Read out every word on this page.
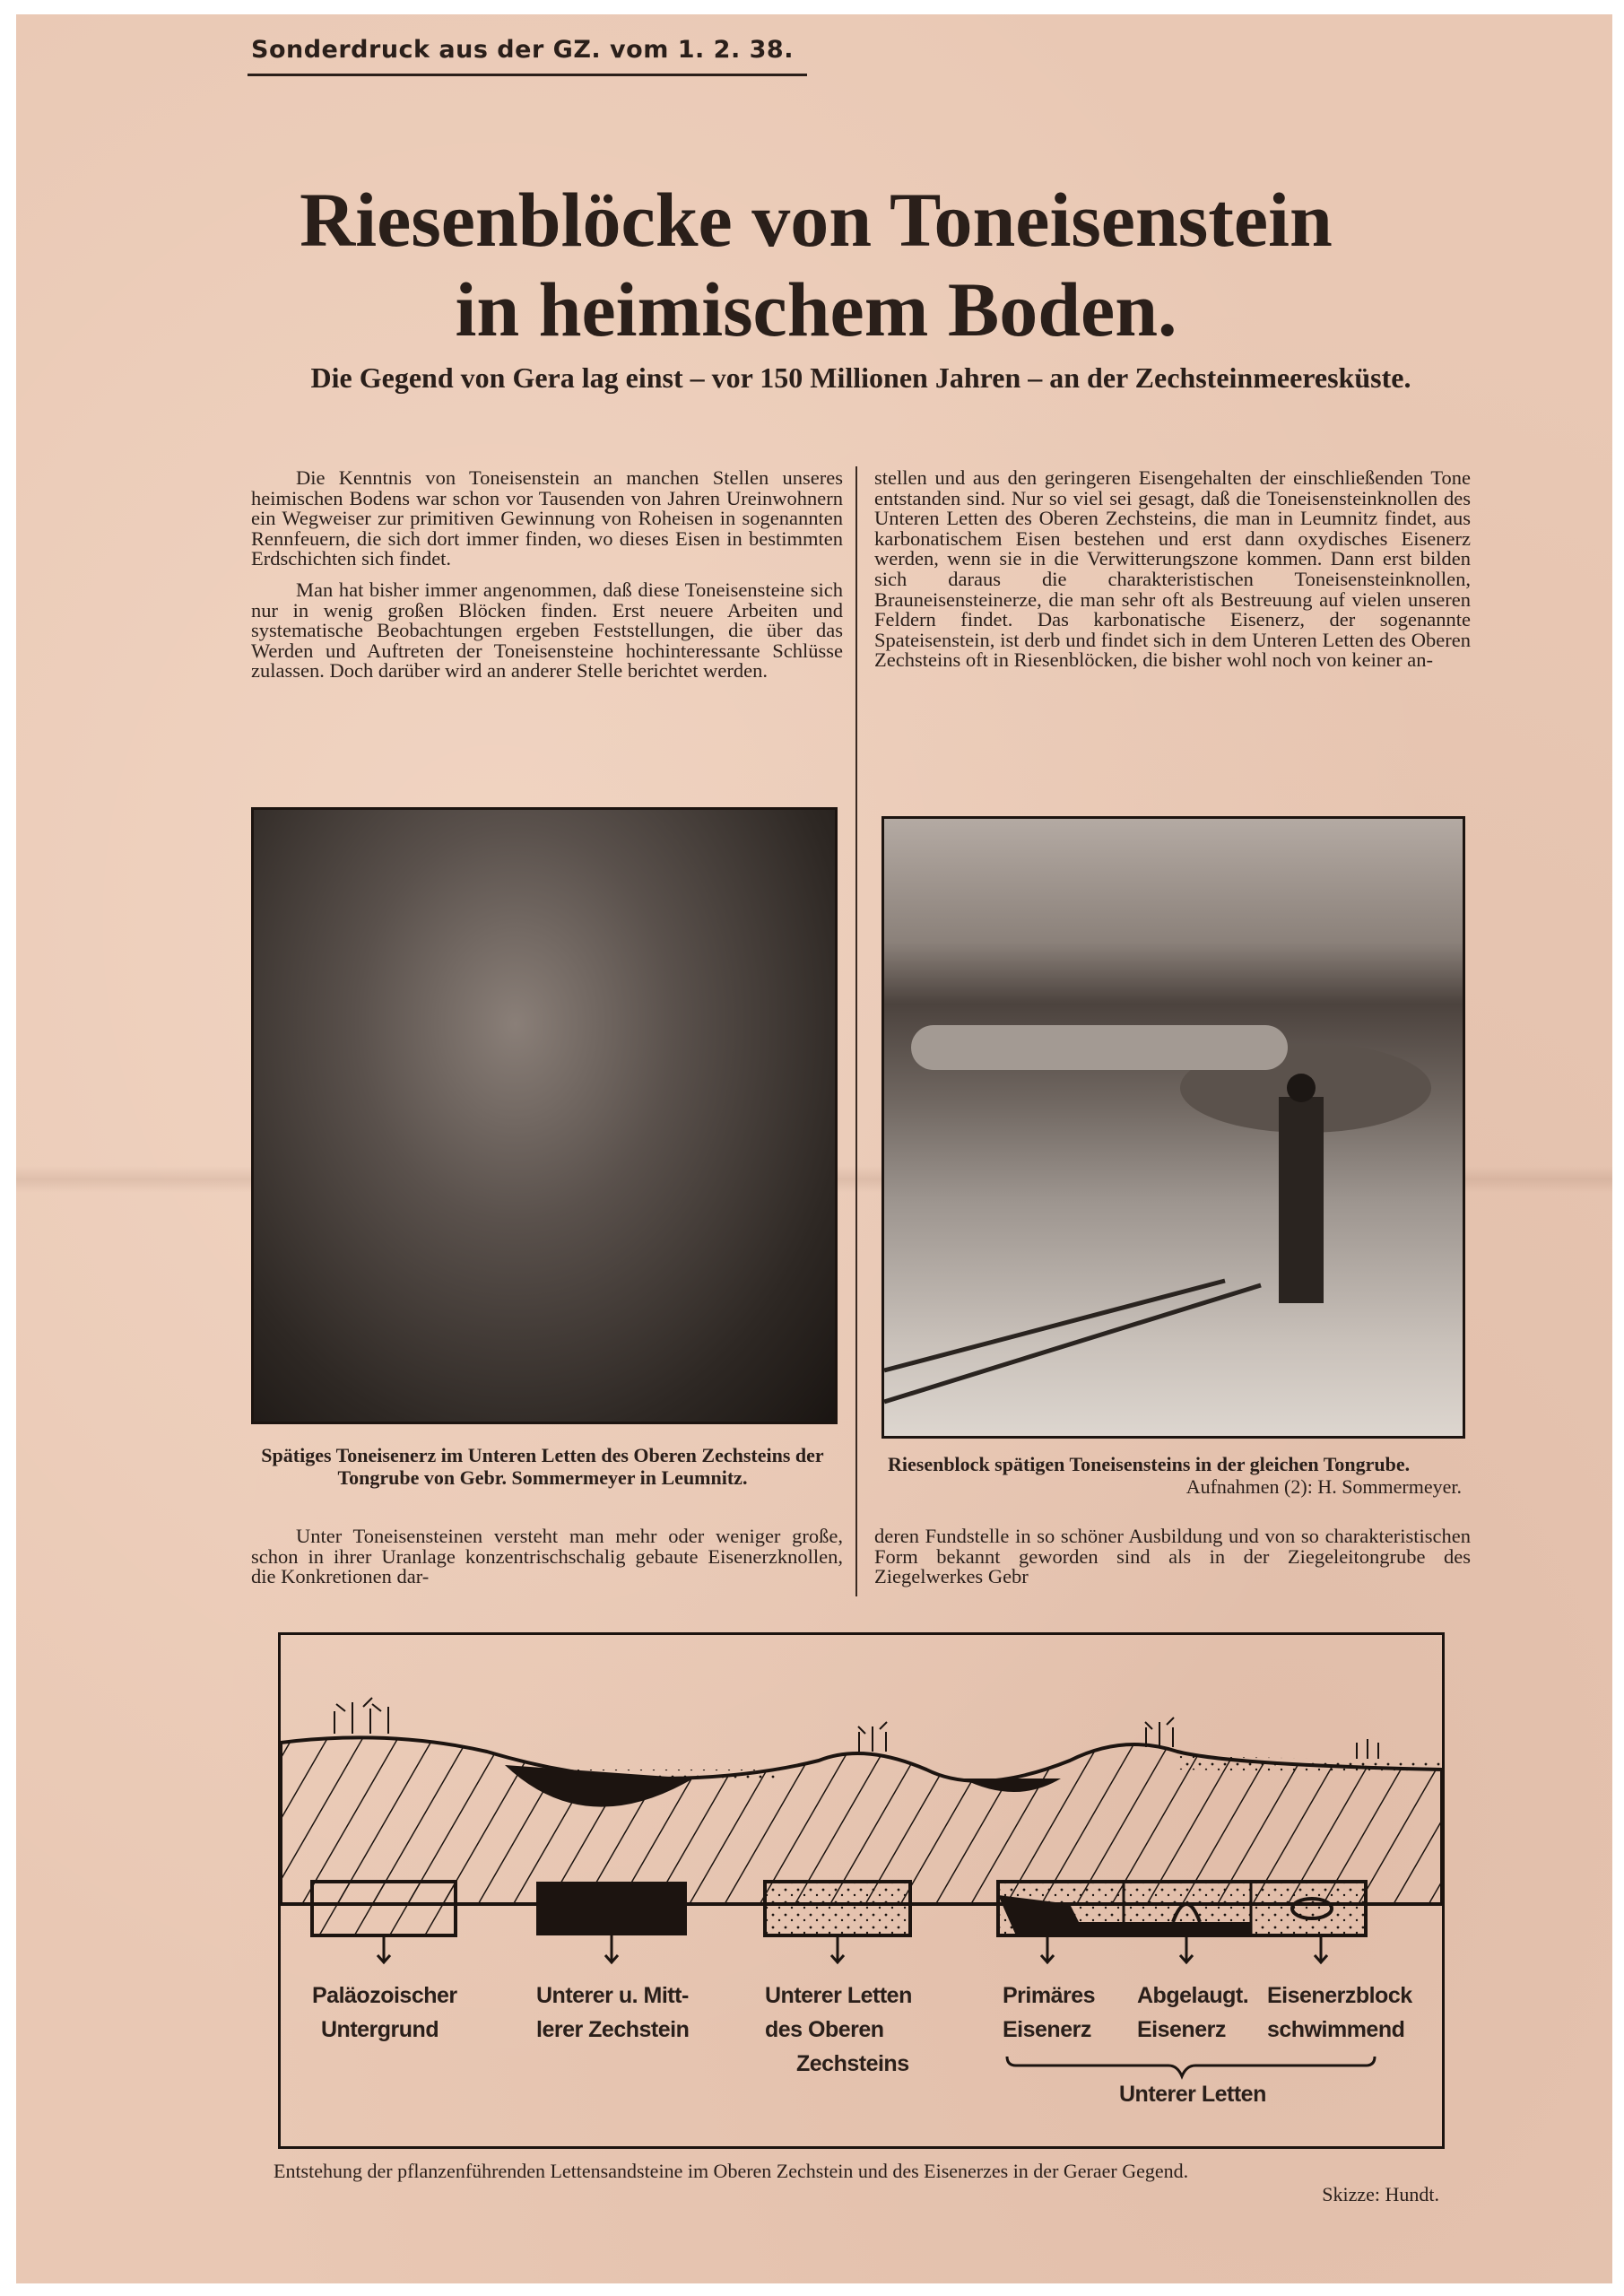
Sonderdruck aus der GZ. vom 1. 2. 38.
Riesenblöcke von Toneisenstein
in heimischem Boden.
Die Gegend von Gera lag einst – vor 150 Millionen Jahren – an der Zechsteinmeeresküste.

Die Kenntnis von Toneisenstein an manchen Stellen unseres heimischen Bodens war schon vor Tausenden von Jahren Ureinwohnern ein Wegweiser zur primitiven Gewinnung von Roheisen in sogenannten Rennfeuern, die sich dort immer finden, wo dieses Eisen in bestimmten Erdschichten sich findet.

Man hat bisher immer angenommen, daß diese Toneisensteine sich nur in wenig großen Blöcken finden. Erst neuere Arbeiten und systematische Beobachtungen ergeben Feststellungen, die über das Werden und Auftreten der Toneisensteine hochinteressante Schlüsse zulassen. Doch darüber wird an anderer Stelle berichtet werden.

stellen und aus den geringeren Eisengehalten der einschließenden Tone entstanden sind. Nur so viel sei gesagt, daß die Toneisensteinknollen des Unteren Letten des Oberen Zechsteins, die man in Leumnitz findet, aus karbonatischem Eisen bestehen und erst dann oxydisches Eisenerz werden, wenn sie in die Verwitterungszone kommen. Dann erst bilden sich daraus die charakteristischen Toneisensteinknollen, Brauneisensteinerze, die man sehr oft als Bestreuung auf vielen unseren Feldern findet. Das karbonatische Eisenerz, der sogenannte Spateisenstein, ist derb und findet sich in dem Unteren Letten des Oberen Zechsteins oft in Riesenblöcken, die bisher wohl noch von keiner an-

Spätiges Toneisenerz im Unteren Letten des Oberen Zechsteins der Tongrube von Gebr. Sommermeyer in Leumnitz.
Riesenblock spätigen Toneisensteins in der gleichen Tongrube.
Aufnahmen (2): H. Sommermeyer.

Unter Toneisensteinen versteht man mehr oder weniger große, schon in ihrer Uranlage konzentrischschalig gebaute Eisenerzknollen, die Konkretionen dar-

deren Fundstelle in so schöner Ausbildung und von so charakteristischen Form bekannt geworden sind als in der Ziegeleitongrube des Ziegelwerkes Gebr

Paläozoischer
Untergrund
Unterer u. Mitt-
lerer Zechstein
Unterer Letten
des Oberen
Zechsteins
Primäres
Eisenerz
Abgelaugt.
Eisenerz
Eisenerzblock
schwimmend
Unterer Letten
Entstehung der pflanzenführenden Lettensandsteine im Oberen Zechstein und des Eisenerzes in der Geraer Gegend.
Skizze: Hundt.
